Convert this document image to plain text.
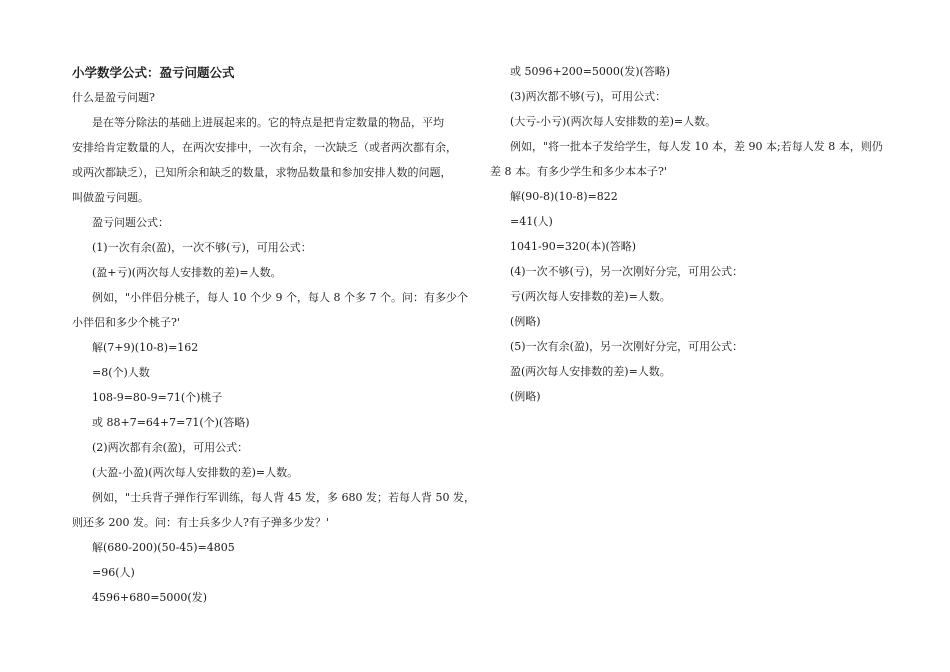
小学数学公式：盈亏问题公式
什么是盈亏问题?
是在等分除法的基础上进展起来的。它的特点是把肯定数量的物品，平均
安排给肯定数量的人，在两次安排中，一次有余，一次缺乏（或者两次都有余，
或两次都缺乏），已知所余和缺乏的数量，求物品数量和参加安排人数的问题，
叫做盈亏问题。
盈亏问题公式：
(1)一次有余(盈)，一次不够(亏)，可用公式：
(盈+亏)(两次每人安排数的差)=人数。
例如，"小伴侣分桃子，每人 10 个少 9 个，每人 8 个多 7 个。问：有多少个
小伴侣和多少个桃子?'
解(7+9)(10-8)=162
=8(个)人数
108-9=80-9=71(个)桃子
或 88+7=64+7=71(个)(答略)
(2)两次都有余(盈)，可用公式：
(大盈-小盈)(两次每人安排数的差)=人数。
例如，"士兵背子弹作行军训练，每人背 45 发，多 680 发；若每人背 50 发，
则还多 200 发。问：有士兵多少人?有子弹多少发？'
解(680-200)(50-45)=4805
=96(人)
4596+680=5000(发)
或 5096+200=5000(发)(答略)
(3)两次都不够(亏)，可用公式：
(大亏-小亏)(两次每人安排数的差)=人数。
例如，"将一批本子发给学生，每人发 10 本，差 90 本;若每人发 8 本，则仍
差 8 本。有多少学生和多少本本子?'
解(90-8)(10-8)=822
=41(人)
1041-90=320(本)(答略)
(4)一次不够(亏)，另一次刚好分完，可用公式：
亏(两次每人安排数的差)=人数。
(例略)
(5)一次有余(盈)，另一次刚好分完，可用公式：
盈(两次每人安排数的差)=人数。
(例略)
